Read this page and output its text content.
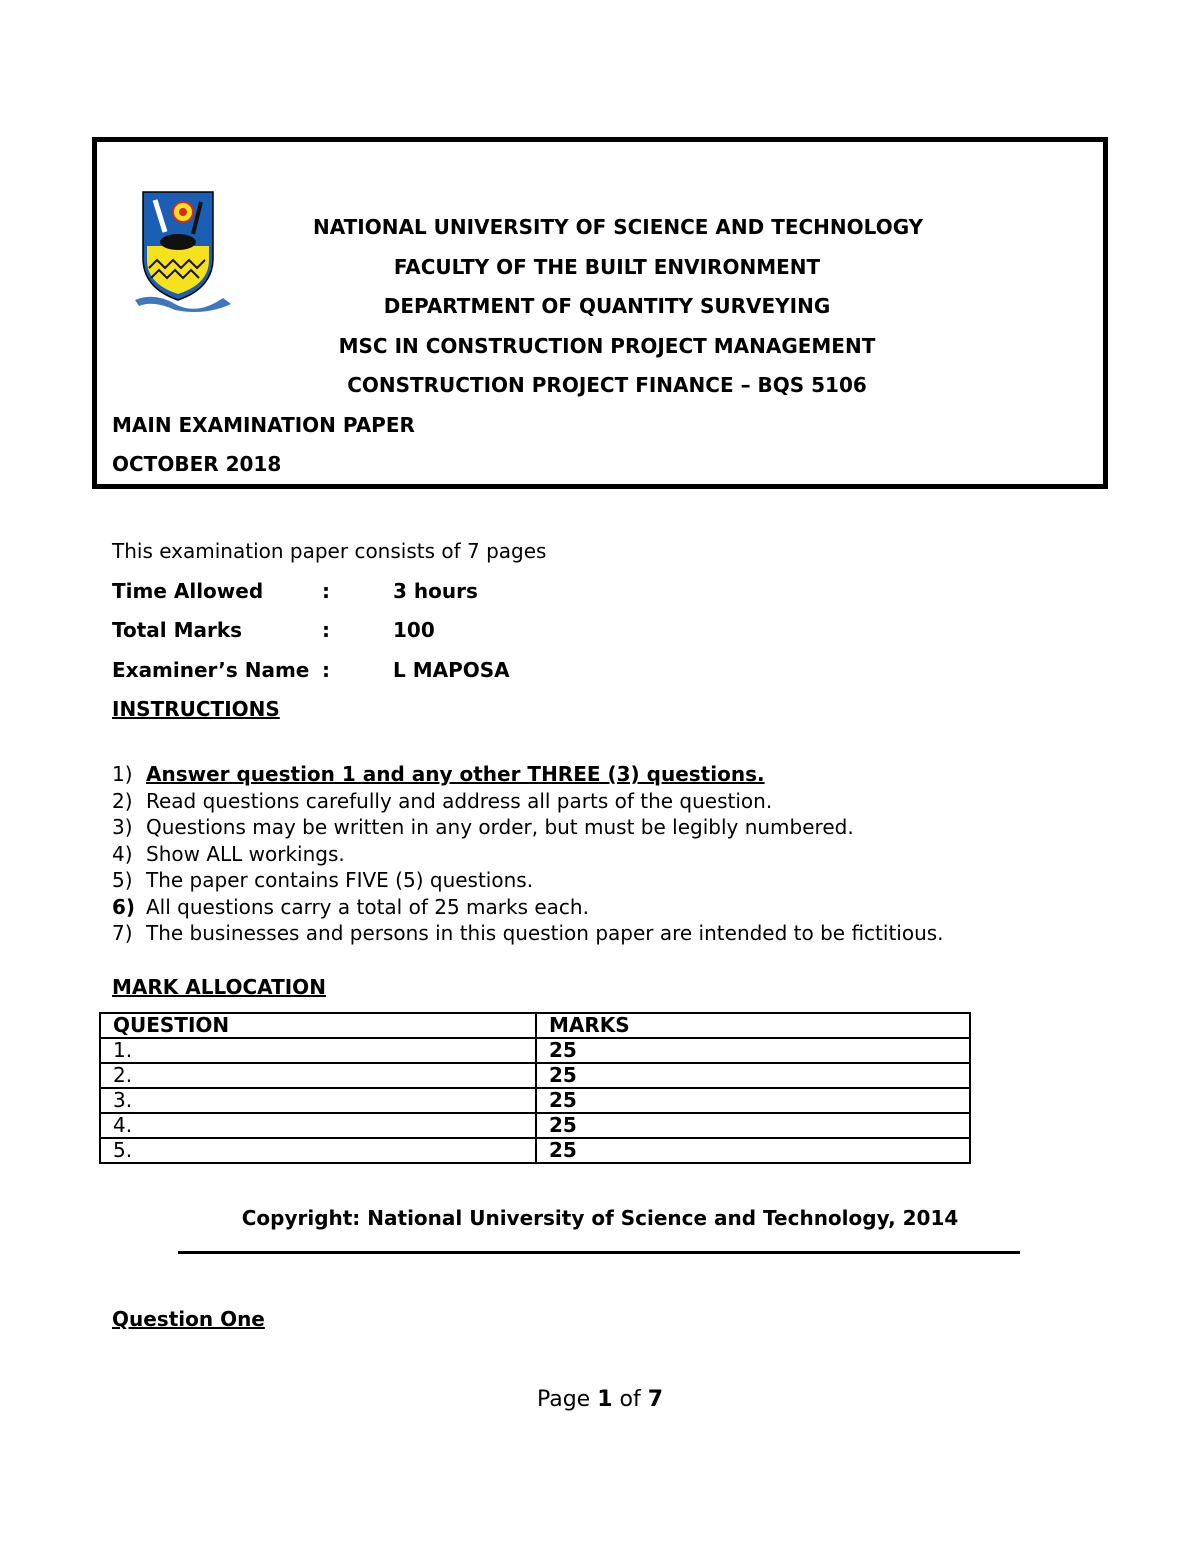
NATIONAL UNIVERSITY OF SCIENCE AND TECHNOLOGY
FACULTY OF THE BUILT ENVIRONMENT
DEPARTMENT OF QUANTITY SURVEYING
MSC IN CONSTRUCTION PROJECT MANAGEMENT
CONSTRUCTION PROJECT FINANCE – BQS 5106
MAIN EXAMINATION PAPER
OCTOBER 2018
This examination paper consists of 7 pages
Time Allowed	:	3 hours
Total Marks	:	100
Examiner’s Name :	L MAPOSA
INSTRUCTIONS
1) Answer question 1 and any other THREE (3) questions.
2) Read questions carefully and address all parts of the question.
3) Questions may be written in any order, but must be legibly numbered.
4) Show ALL workings.
5) The paper contains FIVE (5) questions.
6) All questions carry a total of 25 marks each.
7) The businesses and persons in this question paper are intended to be fictitious.
MARK ALLOCATION
QUESTION	MARKS
1.	25
2.	25
3.	25
4.	25
5.	25
Copyright: National University of Science and Technology, 2014
Question One
Page 1 of 7
